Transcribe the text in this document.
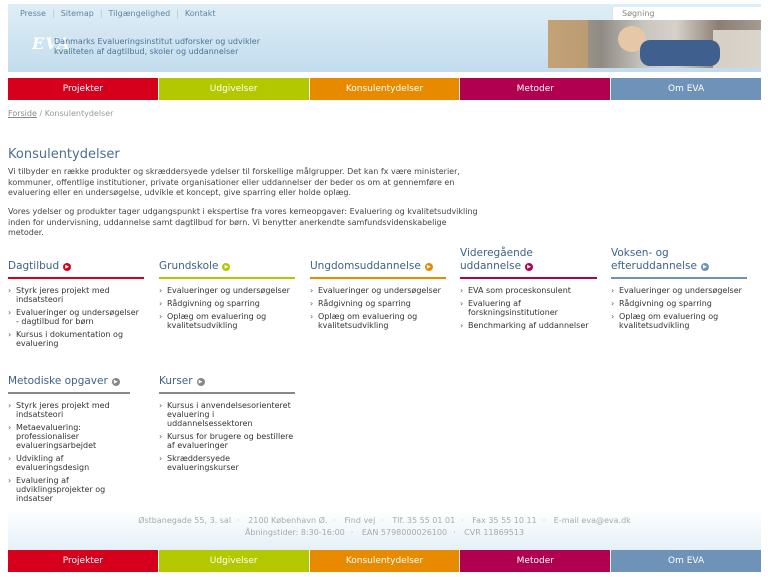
Presse | Sitemap | Tilgængelighed | Kontakt	Søgning
EVA
Danmarks Evalueringsinstitut udforsker og udvikler kvaliteten af dagtilbud, skoler og uddannelser
Projekter	Udgivelser	Konsulentydelser	Metoder	Om EVA
Forside / Konsulentydelser
Konsulentydelser

Vi tilbyder en række produkter og skræddersyede ydelser til forskellige målgrupper. Det kan fx være ministerier, kommuner, offentlige institutioner, private organisationer eller uddannelser der beder os om at gennemføre en evaluering eller en undersøgelse, udvikle et koncept, give sparring eller holde oplæg.

Vores ydelser og produkter tager udgangspunkt i ekspertise fra vores kerneopgaver: Evaluering og kvalitetsudvikling inden for undervisning, uddannelse samt dagtilbud for børn. Vi benytter anerkendte samfundsvidenskabelige metoder.

Dagtilbud ▶
› Styrk jeres projekt med indsatsteori
› Evalueringer og undersøgelser - dagtilbud for børn
› Kursus i dokumentation og evaluering
Grundskole ▶
› Evalueringer og undersøgelser
› Rådgivning og sparring
› Oplæg om evaluering og kvalitetsudvikling
Ungdomsuddannelse ▶
› Evalueringer og undersøgelser
› Rådgivning og sparring
› Oplæg om evaluering og kvalitetsudvikling
Videregående uddannelse ▶
› EVA som proceskonsulent
› Evaluering af forskningsinstitutioner
› Benchmarking af uddannelser
Voksen- og efteruddannelse ▶
› Evalueringer og undersøgelser
› Rådgivning og sparring
› Oplæg om evaluering og kvalitetsudvikling
Metodiske opgaver ▶
› Styrk jeres projekt med indsatsteori
› Metaevaluering: professionaliser evalueringsarbejdet
› Udvikling af evalueringsdesign
› Evaluering af udviklingsprojekter og indsatser
Kurser ▶
› Kursus i anvendelsesorienteret evaluering i uddannelsessektoren
› Kursus for brugere og bestillere af evalueringer
› Skræddersyede evalueringskurser
Østbanegade 55, 3. sal · 2100 København Ø. · Find vej · Tlf. 35 55 01 01 · Fax 35 55 10 11 · E-mail eva@eva.dk
Åbningstider: 8:30-16:00 · EAN 5798000026100 · CVR 11869513
Projekter	Udgivelser	Konsulentydelser	Metoder	Om EVA
